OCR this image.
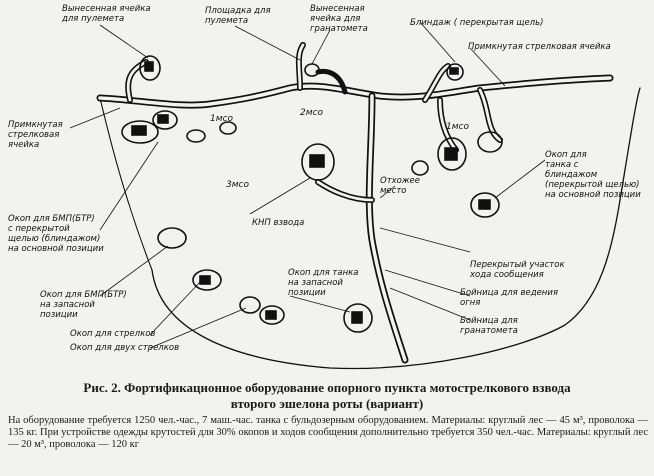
Вынесенная ячейка
для пулемета
Площадка для
пулемета
Вынесенная
ячейка для
гранатомета
Блиндаж ( перекрытая щель)
Примкнутая стрелковая ячейка
Примкнутая
стрелковая
ячейка
Окоп для БМП(БТР)
с перекрытой
щелью (блиндажом)
на основной позиции
Окоп для БМП(БТР)
на запасной
позиции
Окоп для стрелков
Окоп для двух стрелков
Окоп для танка
на запасной
позиции
КНП взвода
Отхожее
место
Окоп для
танка с
блиндажом
(перекрытой щелью)
на основной позиции
Перекрытый участок
хода сообщения
Бойница для ведения
огня
Бойница для
гранатомета
1мсо
2мсо
3мсо
1мсо
Рис. 2. Фортификационное оборудование опорного пункта мотострелкового взвода
второго эшелона роты (вариант)
На оборудование требуется 1250 чел.-час., 7 маш.-час. танка с бульдозерным оборудованием. Материалы: круглый лес — 45 м³, проволока — 135 кг. При устройстве одежды крутостей для 30% окопов и ходов сообщения дополнительно требуется 350 чел.-час. Материалы: круглый лес — 20 м³, проволока — 120 кг
